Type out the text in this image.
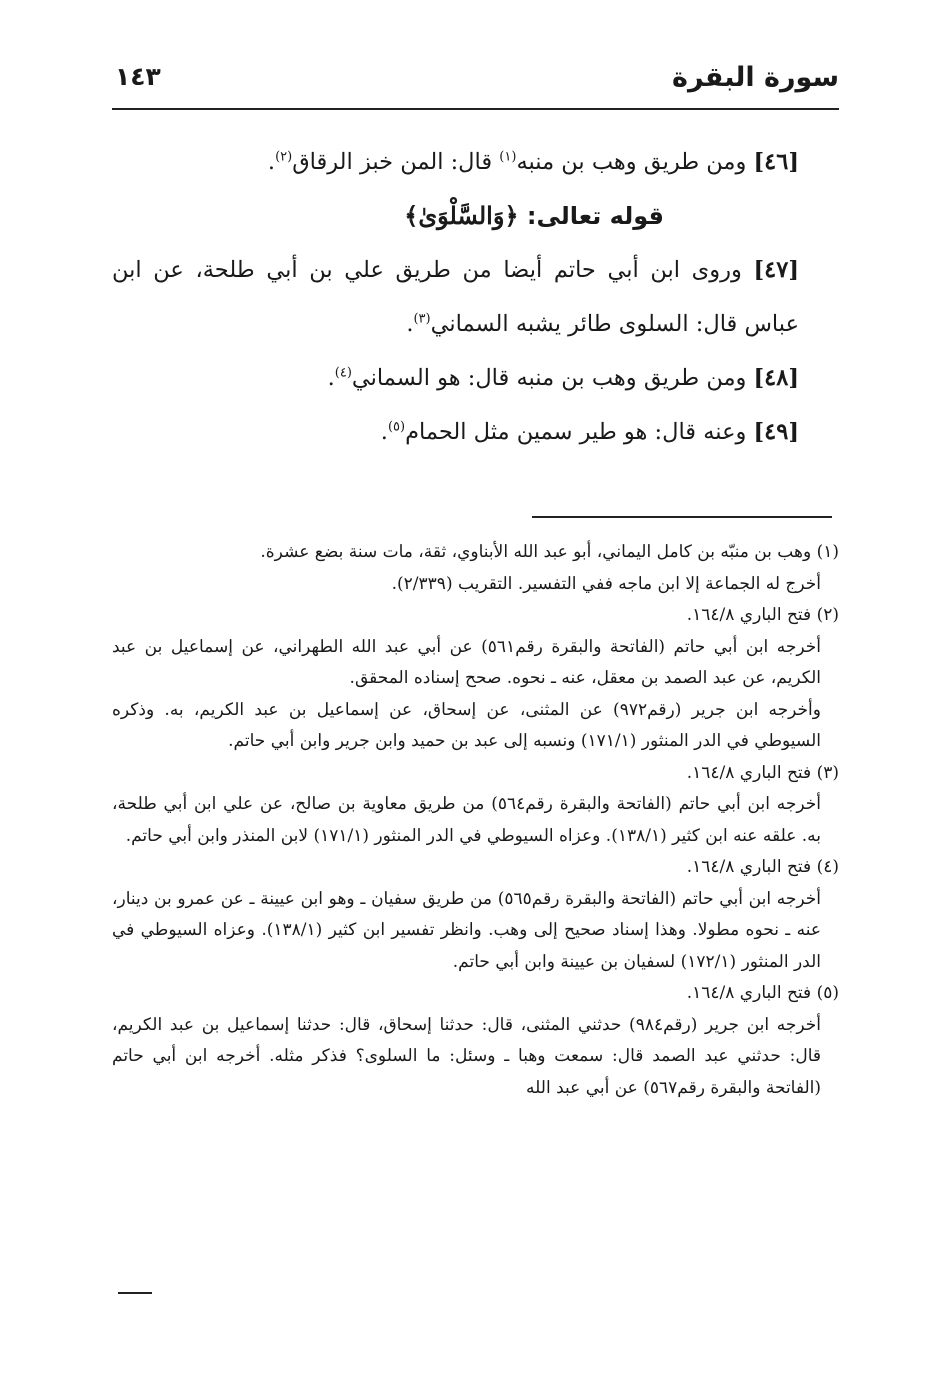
سورة البقرة
١٤٣

[٤٦] ومن طريق وهب بن منبه$^{(١)}$ قال: المن خبز الرقاق$^{(٢)}$.

قوله تعالى: ﴿وَالسَّلْوَىٰ﴾

[٤٧] وروى ابن أبي حاتم أيضا من طريق علي بن أبي طلحة، عن ابن عباس قال: السلوى طائر يشبه السماني$^{(٣)}$.

[٤٨] ومن طريق وهب بن منبه قال: هو السماني$^{(٤)}$.

[٤٩] وعنه قال: هو طير سمين مثل الحمام$^{(٥)}$.

(١) وهب بن منبّه بن كامل اليماني، أبو عبد الله الأبناوي، ثقة، مات سنة بضع عشرة.

أخرج له الجماعة إلا ابن ماجه ففي التفسير. التقريب (٢/٣٣٩).

(٢) فتح الباري ١٦٤/٨.

أخرجه ابن أبي حاتم (الفاتحة والبقرة رقم٥٦١) عن أبي عبد الله الطهراني، عن إسماعيل بن عبد الكريم، عن عبد الصمد بن معقل، عنه ـ نحوه. صحح إسناده المحقق.

وأخرجه ابن جرير (رقم٩٧٢) عن المثنى، عن إسحاق، عن إسماعيل بن عبد الكريم، به. وذكره السيوطي في الدر المنثور (١٧١/١) ونسبه إلى عبد بن حميد وابن جرير وابن أبي حاتم.

(٣) فتح الباري ١٦٤/٨.

أخرجه ابن أبي حاتم (الفاتحة والبقرة رقم٥٦٤) من طريق معاوية بن صالح، عن علي ابن أبي طلحة، به. علقه عنه ابن كثير (١٣٨/١). وعزاه السيوطي في الدر المنثور (١٧١/١) لابن المنذر وابن أبي حاتم.

(٤) فتح الباري ١٦٤/٨.

أخرجه ابن أبي حاتم (الفاتحة والبقرة رقم٥٦٥) من طريق سفيان ـ وهو ابن عيينة ـ عن عمرو بن دينار، عنه ـ نحوه مطولا. وهذا إسناد صحيح إلى وهب. وانظر تفسير ابن كثير (١٣٨/١). وعزاه السيوطي في الدر المنثور (١٧٢/١) لسفيان بن عيينة وابن أبي حاتم.

(٥) فتح الباري ١٦٤/٨.

أخرجه ابن جرير (رقم٩٨٤) حدثني المثنى، قال: حدثنا إسحاق، قال: حدثنا إسماعيل بن عبد الكريم، قال: حدثني عبد الصمد قال: سمعت وهبا ـ وسئل: ما السلوى؟ فذكر مثله. أخرجه ابن أبي حاتم (الفاتحة والبقرة رقم٥٦٧) عن أبي عبد الله
